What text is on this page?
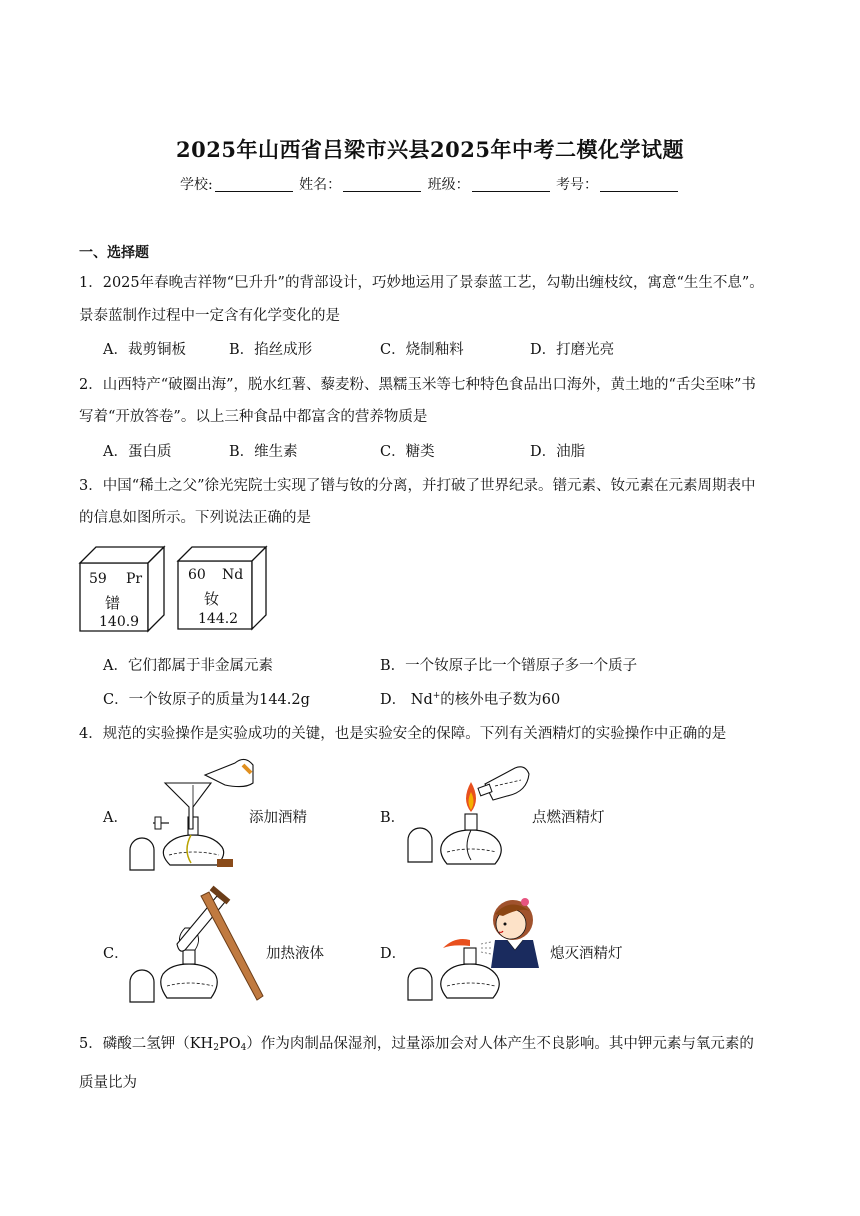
2025年山西省吕梁市兴县2025年中考二模化学试题
学校:	姓名：	班级：	考号：
一、选择题
1．2025年春晚吉祥物“巳升升”的背部设计，巧妙地运用了景泰蓝工艺，勾勒出缠枝纹，寓意“生生不息”。
景泰蓝制作过程中一定含有化学变化的是
A．裁剪铜板	B．掐丝成形	C．烧制釉料	D．打磨光亮
2．山西特产“破圈出海”，脱水红薯、藜麦粉、黑糯玉米等七种特色食品出口海外，黄土地的“舌尖至味”书
写着“开放答卷”。以上三种食品中都富含的营养物质是
A．蛋白质	B．维生素	C．糖类	D．油脂
3．中国“稀土之父”徐光宪院士实现了镨与钕的分离，并打破了世界纪录。镨元素、钕元素在元素周期表中
的信息如图所示。下列说法正确的是
59 Pr
镨
140.9
60 Nd
钕
144.2
A．它们都属于非金属元素	B．一个钕原子比一个镨原子多一个质子
C．一个钕原子的质量为144.2g	D． Nd+的核外电子数为60
4．规范的实验操作是实验成功的关键，也是实验安全的保障。下列有关酒精灯的实验操作中正确的是
A．	添加酒精	B．	点燃酒精灯
C．	加热液体	D．	熄灭酒精灯
5．磷酸二氢钾$(KH_2PO_4)$作为肉制品保湿剂，过量添加会对人体产生不良影响。其中钾元素与氧元素的
质量比为
